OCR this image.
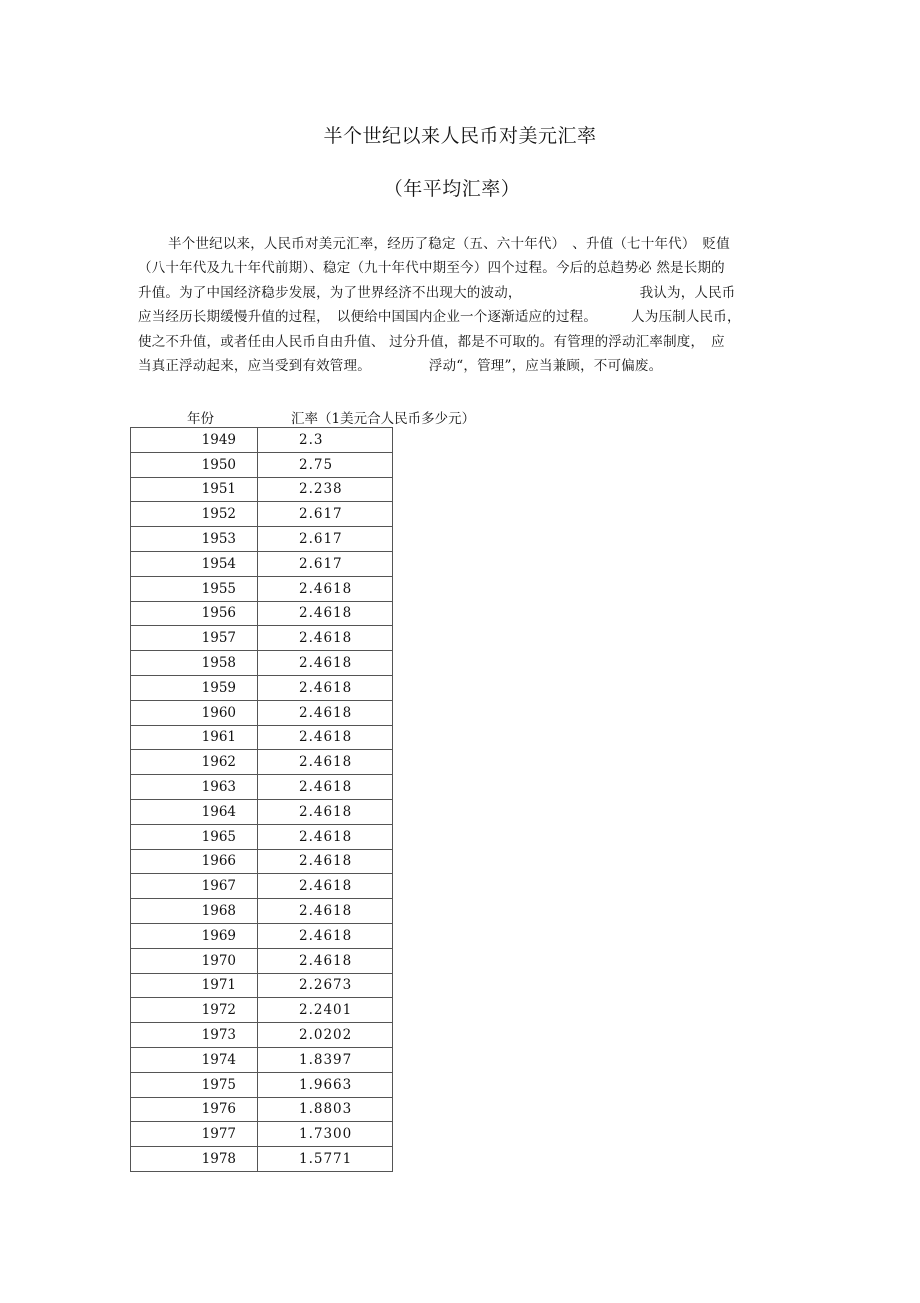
半个世纪以来人民币对美元汇率
（年平均汇率）

半个世纪以来，人民币对美元汇率，经历了稳定（五、六十年代）　、升值（七十年代）　贬值

（八十年代及九十年代前期）、稳定（九十年代中期至今）四个过程。今后的总趋势必 然是长期的

升值。为了中国经济稳步发展，为了世界经济不出现大的波动，	我认为，人民币

应当经历长期缓慢升值的过程，　以便给中国国内企业一个逐渐适应的过程。	人为压制人民币，

使之不升值，或者任由人民币自由升值、 过分升值，都是不可取的。有管理的浮动汇率制度，　应

当真正浮动起来，应当受到有效管理。	浮动“，管理”，应当兼顾，不可偏废。

年份	汇率（1美元合人民币多少元）
1949	2.3
1950	2.75
1951	2.238
1952	2.617
1953	2.617
1954	2.617
1955	2.4618
1956	2.4618
1957	2.4618
1958	2.4618
1959	2.4618
1960	2.4618
1961	2.4618
1962	2.4618
1963	2.4618
1964	2.4618
1965	2.4618
1966	2.4618
1967	2.4618
1968	2.4618
1969	2.4618
1970	2.4618
1971	2.2673
1972	2.2401
1973	2.0202
1974	1.8397
1975	1.9663
1976	1.8803
1977	1.7300
1978	1.5771
